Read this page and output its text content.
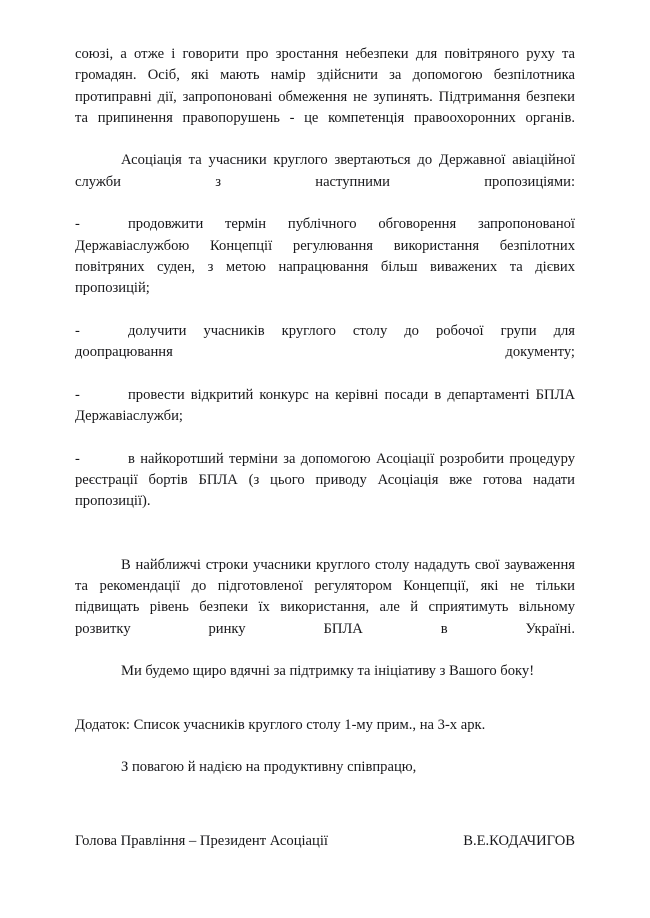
союзі, а отже і говорити про зростання небезпеки для повітряного руху та громадян. Осіб, які мають намір здійснити за допомогою безпілотника протиправні дії, запропоновані обмеження не зупинять. Підтримання безпеки та припинення правопорушень - це компетенція правоохоронних органів.

Асоціація та учасники круглого звертаються до Державної авіаційної служби з наступними пропозиціями:

-	продовжити термін публічного обговорення запропонованої Державіаслужбою Концепції регулювання використання безпілотних повітряних суден, з метою напрацювання більш виважених та дієвих пропозицій;

-	долучити учасників круглого столу до робочої групи для доопрацювання документу;

-	провести відкритий конкурс на керівні посади в департаменті БПЛА Державіаслужби;

-	в найкоротший терміни за допомогою Асоціації розробити процедуру реєстрації бортів БПЛА (з цього приводу Асоціація вже готова надати пропозиції).

В найближчі строки учасники круглого столу нададуть свої зауваження та рекомендації до підготовленої регулятором Концепції, які не тільки підвищать рівень безпеки їх використання, але й сприятимуть вільному розвитку ринку БПЛА в Україні.

Ми будемо щиро вдячні за підтримку та ініціативу з Вашого боку!

Додаток: Список учасників круглого столу 1-му прим., на 3-х арк.

З повагою й надією на продуктивну співпрацю,

Голова Правління – Президент Асоціації	В.Е.КОДАЧИГОВ
